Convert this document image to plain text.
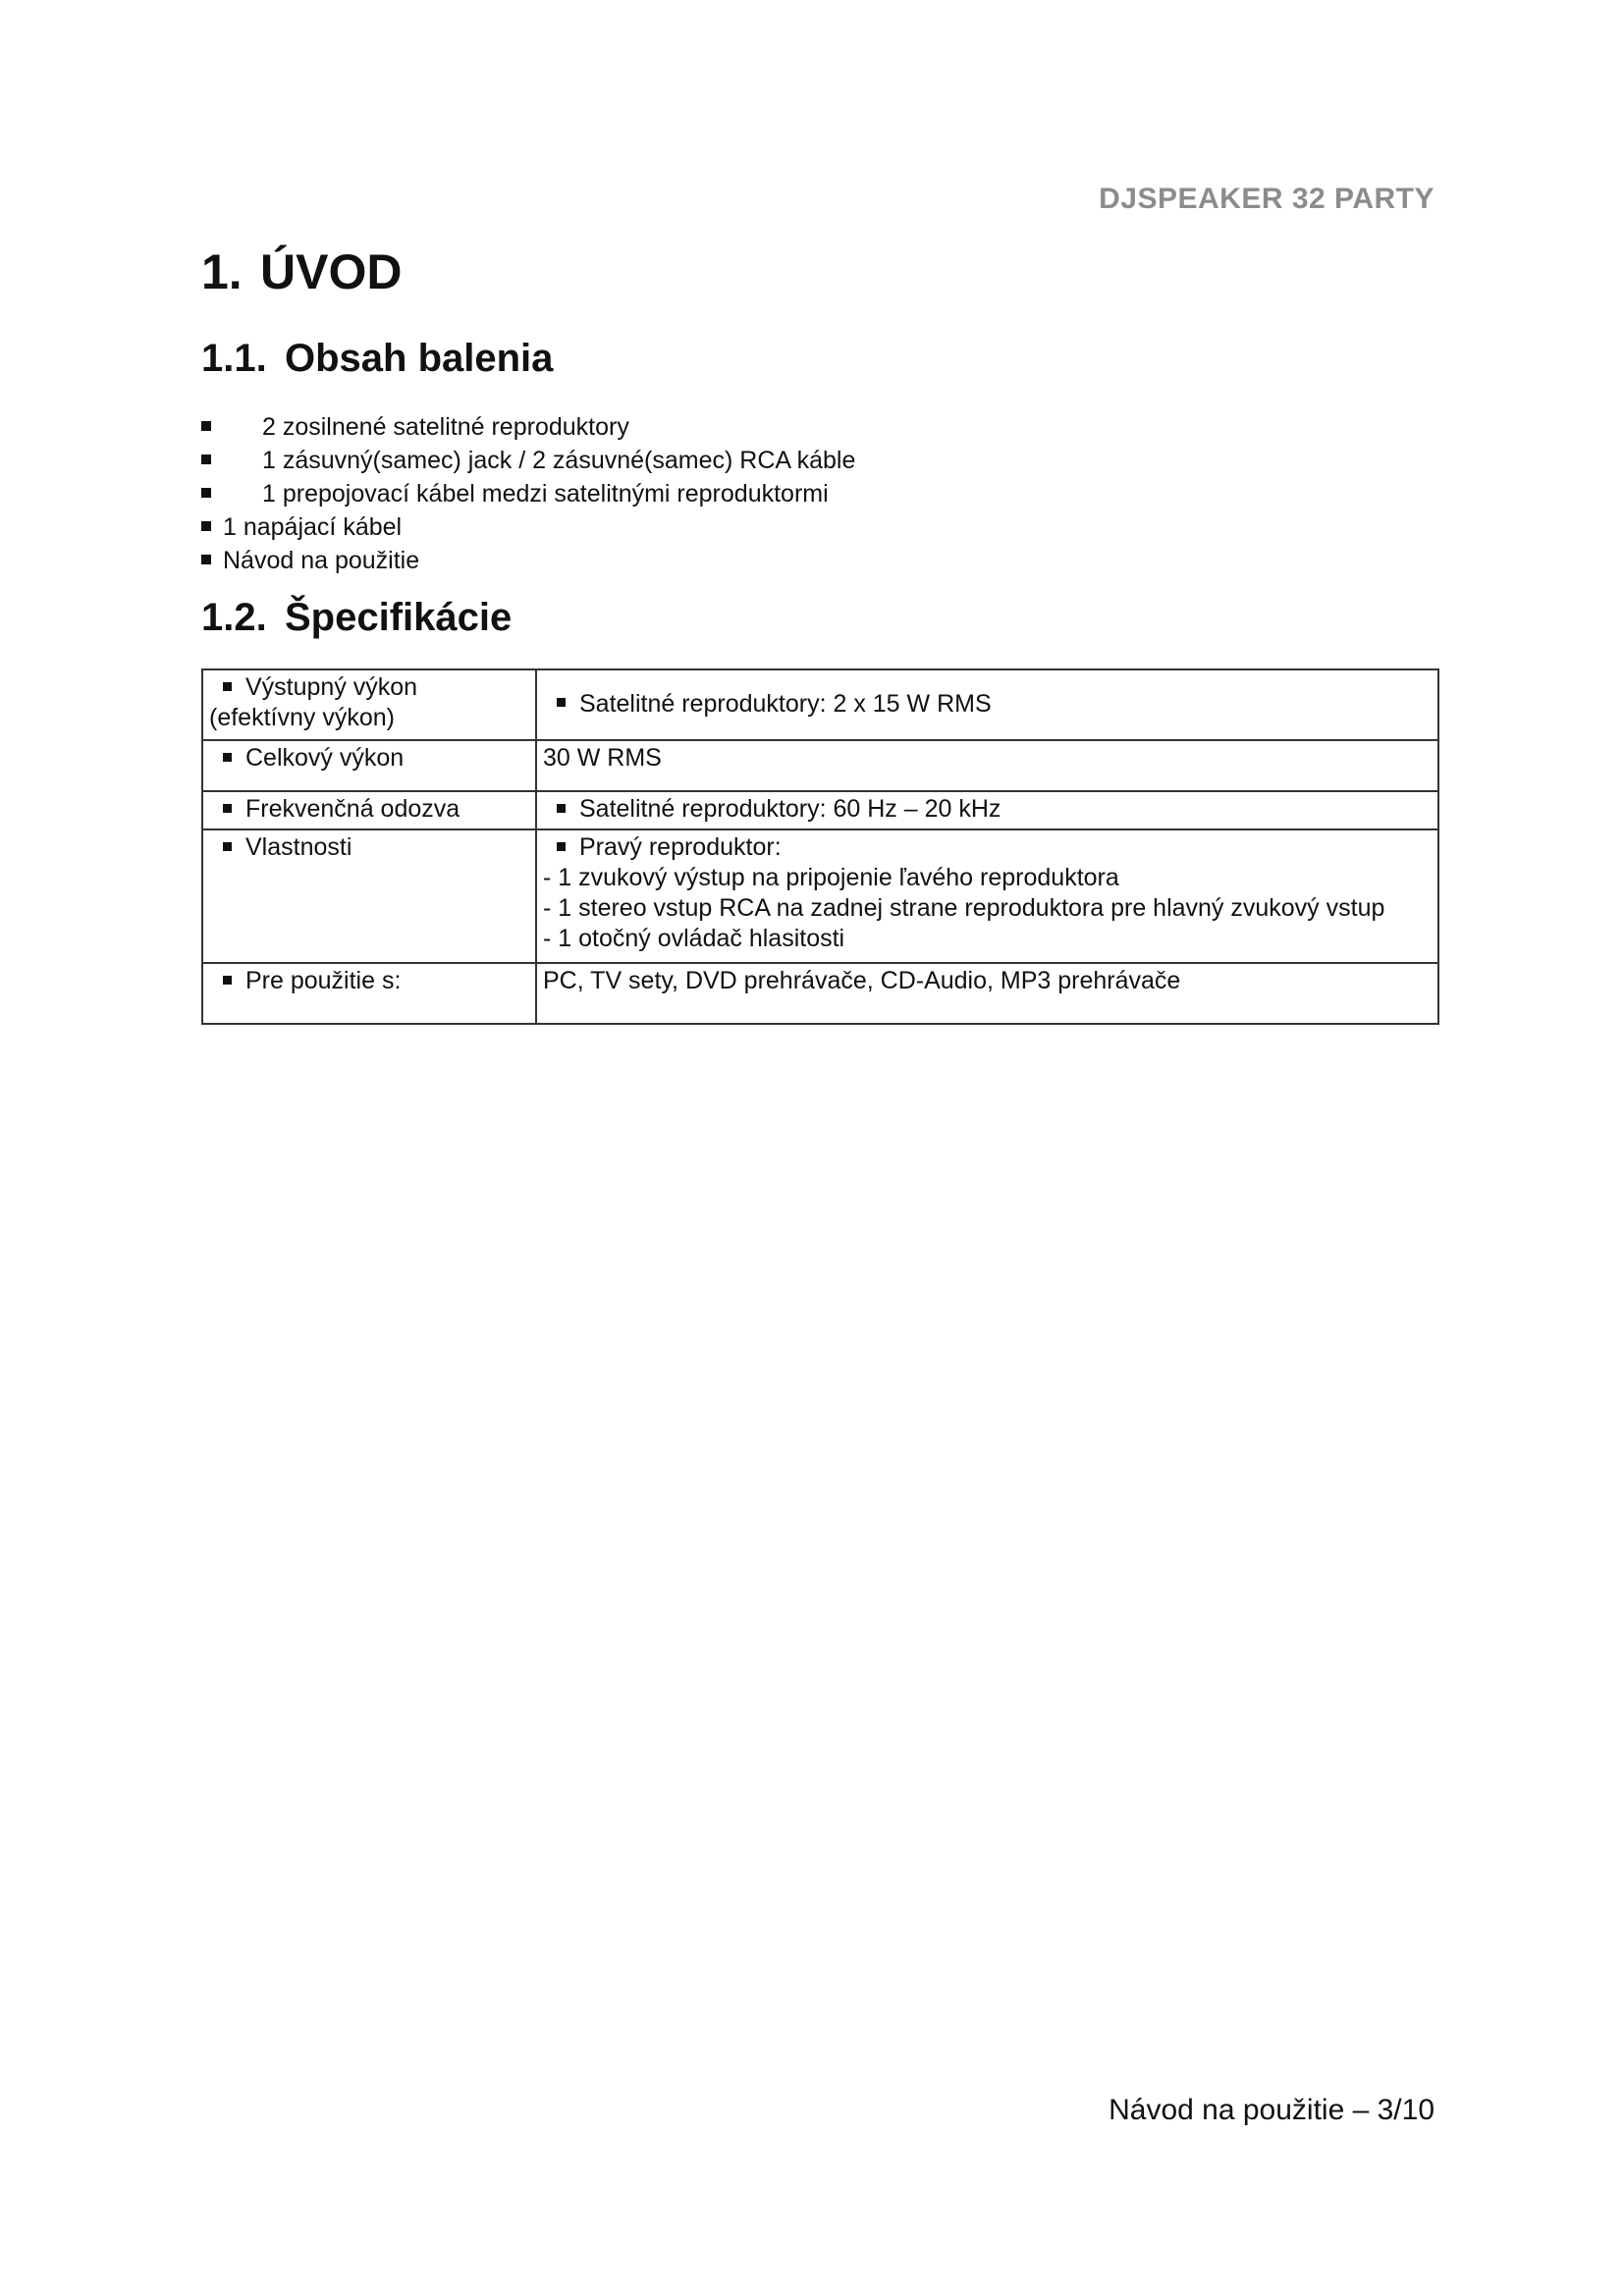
DJSPEAKER 32 PARTY
1. ÚVOD
1.1. Obsah balenia
2 zosilnené satelitné reproduktory
1 zásuvný(samec) jack / 2 zásuvné(samec) RCA káble
1 prepojovací kábel medzi satelitnými reproduktormi
1 napájací kábel
Návod na použitie
1.2. Špecifikácie
Výstupný výkon
(efektívny výkon)	Satelitné reproduktory: 2 x 15 W RMS
Celkový výkon	30 W RMS
Frekvenčná odozva	Satelitné reproduktory: 60 Hz – 20 kHz
Vlastnosti	Pravý reproduktor:
- 1 zvukový výstup na pripojenie ľavého reproduktora
- 1 stereo vstup RCA na zadnej strane reproduktora pre hlavný zvukový vstup
- 1 otočný ovládač hlasitosti

Pre použitie s:	PC, TV sety, DVD prehrávače, CD-Audio, MP3 prehrávače
Návod na použitie – 3/10
